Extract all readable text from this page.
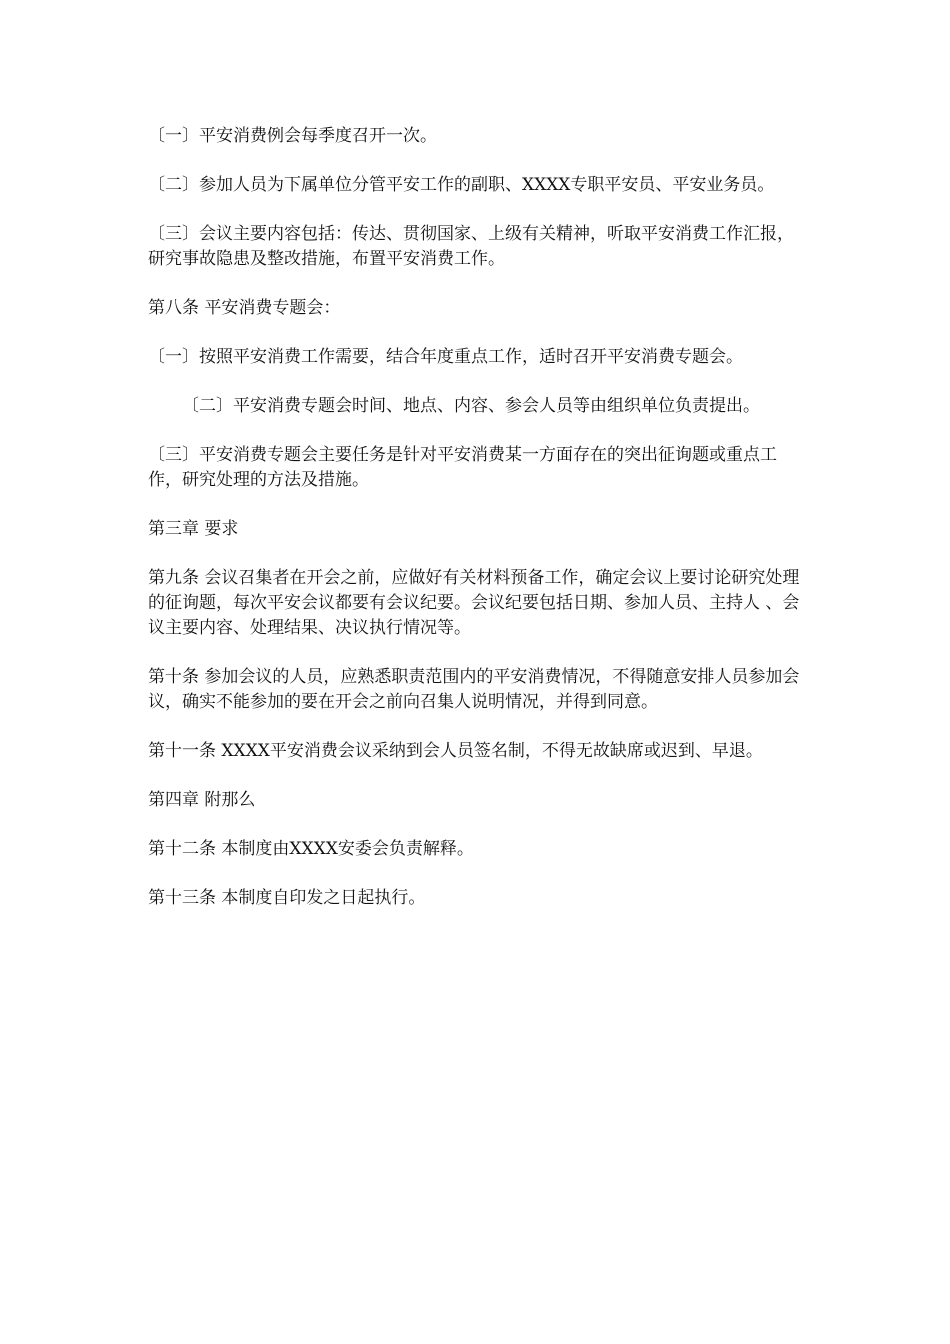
〔一〕平安消费例会每季度召开一次。

〔二〕参加人员为下属单位分管平安工作的副职、XXXX专职平安员、平安业务员。

〔三〕会议主要内容包括：传达、贯彻国家、上级有关精神，听取平安消费工作汇报，研究事故隐患及整改措施，布置平安消费工作。

第八条 平安消费专题会：

〔一〕按照平安消费工作需要，结合年度重点工作，适时召开平安消费专题会。

〔二〕平安消费专题会时间、地点、内容、参会人员等由组织单位负责提出。

〔三〕平安消费专题会主要任务是针对平安消费某一方面存在的突出征询题或重点工作，研究处理的方法及措施。

第三章 要求

第九条 会议召集者在开会之前，应做好有关材料预备工作，确定会议上要讨论研究处理的征询题，每次平安会议都要有会议纪要。会议纪要包括日期、参加人员、主持人 、会议主要内容、处理结果、决议执行情况等。

第十条 参加会议的人员，应熟悉职责范围内的平安消费情况，不得随意安排人员参加会议，确实不能参加的要在开会之前向召集人说明情况，并得到同意。

第十一条 XXXX平安消费会议采纳到会人员签名制，不得无故缺席或迟到、早退。

第四章 附那么

第十二条 本制度由XXXX安委会负责解释。

第十三条 本制度自印发之日起执行。
